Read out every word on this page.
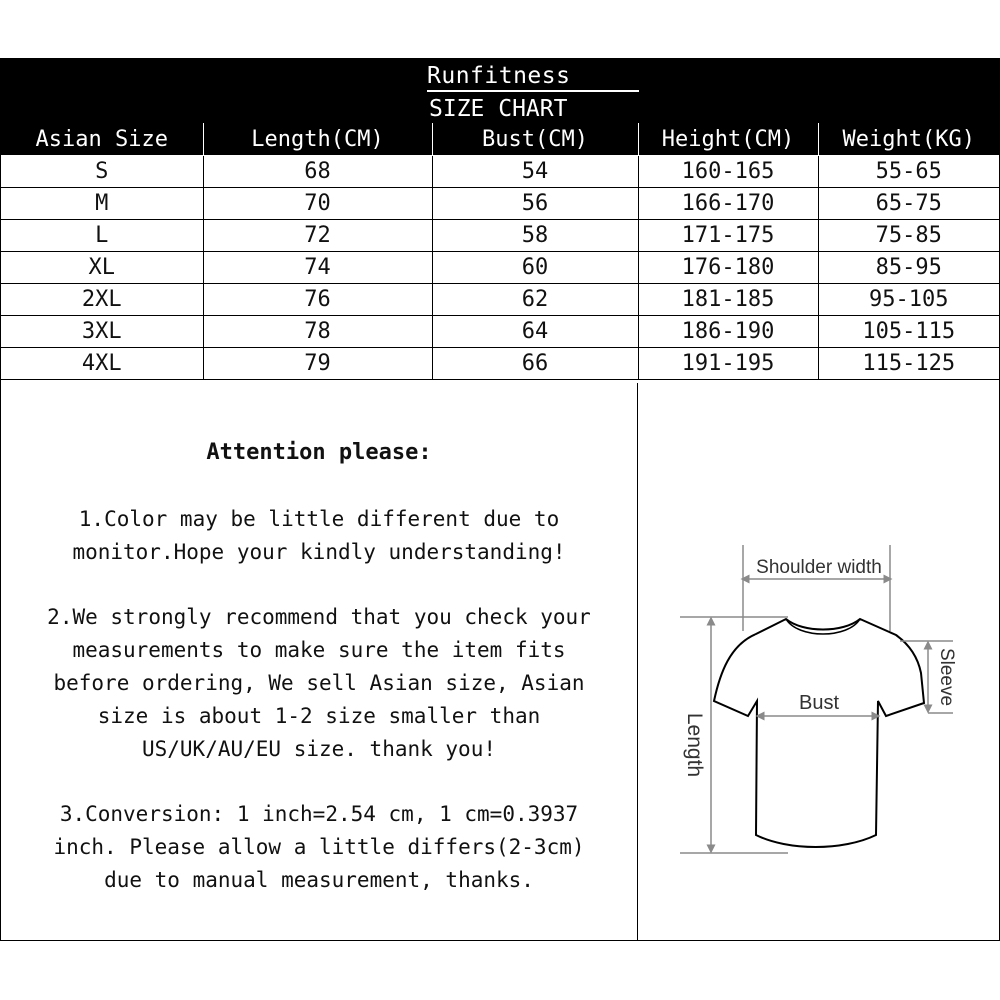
Runfitness
SIZE CHART
Asian Size	Length(CM)	Bust(CM)	Height(CM)	Weight(KG)
S	68	54	160-165	55-65
M	70	56	166-170	65-75
L	72	58	171-175	75-85
XL	74	60	176-180	85-95
2XL	76	62	181-185	95-105
3XL	78	64	186-190	105-115
4XL	79	66	191-195	115-125
Attention please:
1.Color may be little different due to
monitor.Hope your kindly understanding!
2.We strongly recommend that you check your
measurements to make sure the item fits
before ordering, We sell Asian size, Asian
size is about 1-2 size smaller than
US/UK/AU/EU size. thank you!
3.Conversion: 1 inch=2.54 cm, 1 cm=0.3937
inch. Please allow a little differs(2-3cm)
due to manual measurement, thanks.
Shoulder width
Bust
Length
Sleeve
